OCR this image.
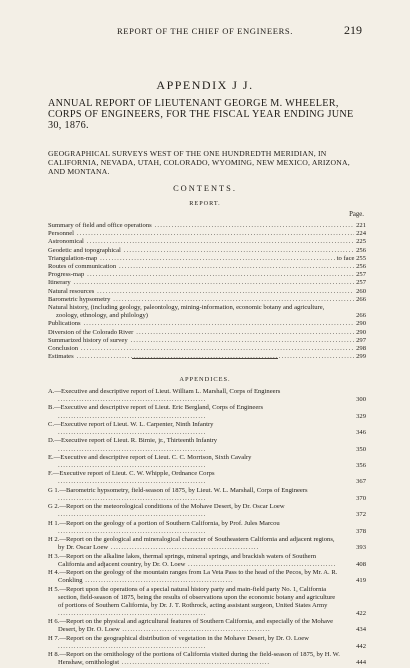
REPORT OF THE CHIEF OF ENGINEERS.	219
APPENDIX J J.
ANNUAL REPORT OF LIEUTENANT GEORGE M. WHEELER, CORPS OF ENGINEERS, FOR THE FISCAL YEAR ENDING JUNE 30, 1876.
GEOGRAPHICAL SURVEYS WEST OF THE ONE HUNDREDTH MERIDIAN, IN CALIFORNIA, NEVADA, UTAH, COLORADO, WYOMING, NEW MEXICO, ARIZONA, AND MONTANA.
CONTENTS.
REPORT.
Page.
Summary of field and office operations .....	221
Personnel .....	224
Astronomical .....	225
Geodetic and topographical .....	256
Triangulation-map .....	to face 255
Routes of communication .....	256
Progress-map .....	257
Itinerary .....	257
Natural resources .....	260
Barometric hypsometry .....	266
Natural history, (including geology, paleontology, mining-information, economic botany and agriculture, zoology, ethnology, and philology)	266
Publications .....	290
Diversion of the Colorado River .....	290
Summarized history of survey .....	297
Conclusion .....	298
Estimates .....	299
APPENDICES.
A.—Executive and descriptive report of Lieut. William L. Marshall, Corps of Engineers .....
300
B.—Executive and descriptive report of Lieut. Eric Bergland, Corps of Engineers .....
329
C.—Executive report of Lieut. W. L. Carpenter, Ninth Infantry .....
346
D.—Executive report of Lieut. R. Birnie, jr., Thirteenth Infantry .....
350
E.—Executive and descriptive report of Lieut. C. C. Morrison, Sixth Cavalry .....
356
F.—Executive report of Lieut. C. W. Whipple, Ordnance Corps .....
367
G 1.—Barometric hypsometry, field-season of 1875, by Lieut. W. L. Marshall, Corps of Engineers .....
370
G 2.—Report on the meteorological conditions of the Mohave Desert, by Dr. Oscar Loew .....
372
H 1.—Report on the geology of a portion of Southern California, by Prof. Jules Marcou .....
378
H 2.—Report on the geological and mineralogical character of Southeastern California and adjacent regions, by Dr. Oscar Loew .....	393
H 3.—Report on the alkaline lakes, thermal springs, mineral springs, and brackish waters of Southern California and adjacent country, by Dr. O. Loew .....	408
H 4.—Report on the geology of the mountain ranges from La Veta Pass to the head of the Pecos, by Mr. A. R. Conkling .....	419
H 5.—Report upon the operations of a special natural history party and main-field party No. 1, California section, field-season of 1875, being the results of observations upon the economic botany and agriculture of portions of Southern California, by Dr. J. T. Rothrock, acting assistant surgeon, United States Army .....
422
H 6.—Report on the physical and agricultural features of Southern California, and especially of the Mohave Desert, by Dr. O. Loew .....	434
H 7.—Report on the geographical distribution of vegetation in the Mohave Desert, by Dr. O. Loew .....
442
H 8.—Report on the ornithology of the portions of California visited during the field-season of 1875, by H. W. Henshaw, ornithologist .....	444
